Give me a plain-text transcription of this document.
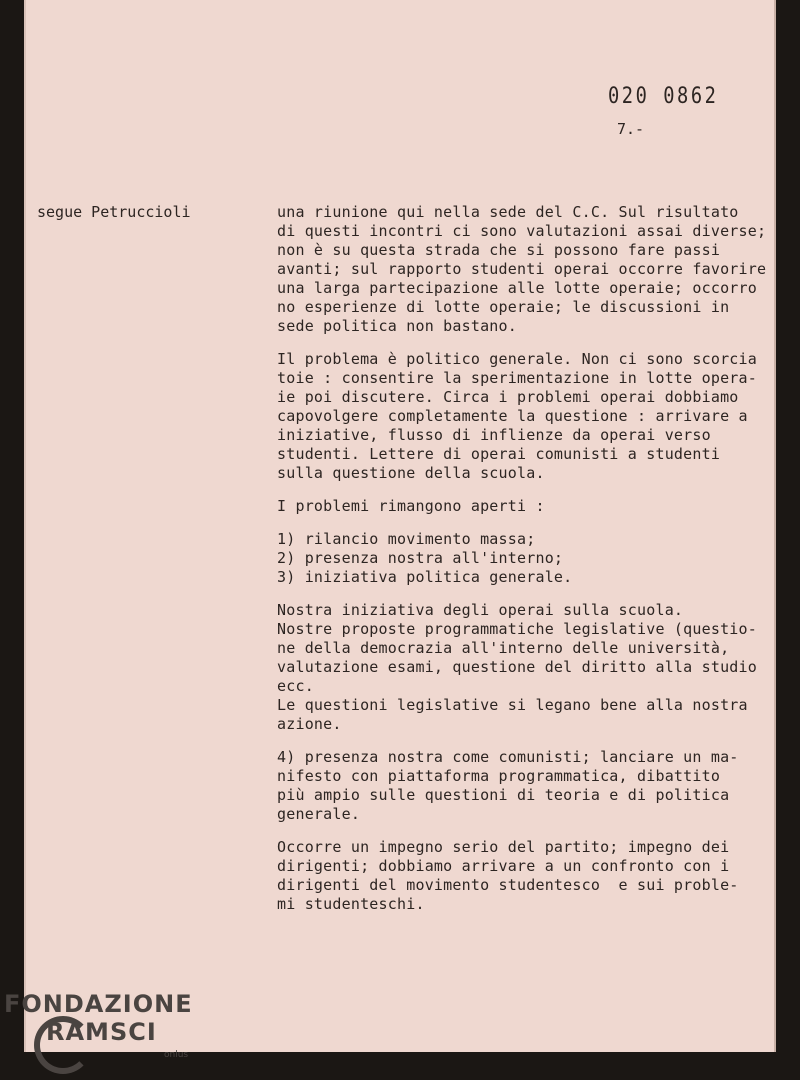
020 0862
7.-
segue Petruccioli	una riunione qui nella sede del C.C. Sul risultato
di questi incontri ci sono valutazioni assai diverse;
non è su questa strada che si possono fare passi
avanti; sul rapporto studenti operai occorre favorire
una larga partecipazione alle lotte operaie; occorro
no esperienze di lotte operaie; le discussioni in
sede politica non bastano.
Il problema è politico generale. Non ci sono scorcia
toie : consentire la sperimentazione in lotte opera-
ie poi discutere. Circa i problemi operai dobbiamo
capovolgere completamente la questione : arrivare a
iniziative, flusso di inflienze da operai verso
studenti. Lettere di operai comunisti a studenti
sulla questione della scuola.
I problemi rimangono aperti :
1) rilancio movimento massa;
2) presenza nostra all'interno;
3) iniziativa politica generale.
Nostra iniziativa degli operai sulla scuola.
Nostre proposte programmatiche legislative (questio-
ne della democrazia all'interno delle università,
valutazione esami, questione del diritto alla studio
ecc.
Le questioni legislative si legano bene alla nostra
azione.
4) presenza nostra come comunisti; lanciare un ma-
nifesto con piattaforma programmatica, dibattito
più ampio sulle questioni di teoria e di politica
generale.
Occorre un impegno serio del partito; impegno dei
dirigenti; dobbiamo arrivare a un confronto con i
dirigenti del movimento studentesco  e sui proble-
mi studenteschi.
FONDAZIONE
RAMSCI
onlus
